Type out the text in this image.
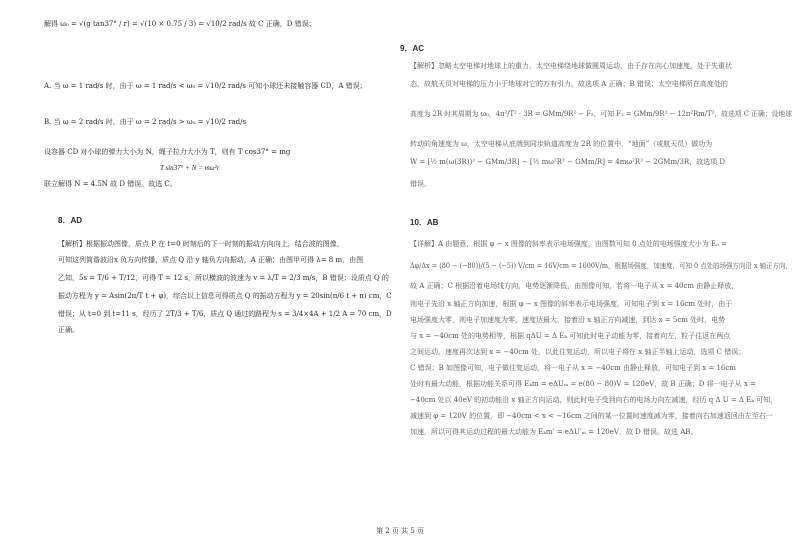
解得 ω₀ = √(g tan37° / r) = √(10 × 0.75 / 3) = √10/2 rad/s 故 C 正确，D 错误；
A. 当 ω = 1 rad/s 时，由于 ω = 1 rad/s < ω₀ = √10/2 rad/s 可知小球还未接触容器 CD，A 错误；
B. 当 ω = 2 rad/s 时，由于 ω = 2 rad/s > ω₀ = √10/2 rad/s
设容器 CD 对小球的弹力大小为 N，绳子拉力大小为 T，则有 T cos37° = mg
T sin37° + N = mω²r
联立解得 N = 4.5N 故 D 错误。故选 C。
8．AD
【解析】根据振动图像，质点 P 在 t=0 时刻后的下一时刻的振动方向向上，结合波的图像，
可知这列简谐波沿x 负方向传播，质点 Q 沿 y 轴负方向振动，A 正确；由图甲可得 λ= 8 m，由图
乙知，5s = T/6 + T/12，可得 T = 12 s，所以横波的波速为 v = λ/T = 2/3 m/s，B 错误；设质点 Q 的
振动方程为 y = Asin(2π/T t + φ)，综合以上信息可得质点 Q 的振动方程为 y = 20sin(π/6 t + π) cm，C
错误；从 t=0 到 t=11 s，经历了 2T/3 + T/6，质点 Q 通过的路程为 s = 3/4×4A + 1/2 A = 70 cm，D
正确。
9．AC
【解析】忽略太空电梯对地球上的重力，太空电梯绕地球做圆周运动，由于存在向心加速度，处于失重状
态，故航天员对电梯的压力小于地球对它的万有引力，故选项 A 正确；B 错误；太空电梯所在高度处的
高度为 2R 时其周期为 ω₀，4π²/T² · 3R = GMm/9R² − F₂，可知 F₂ = GMm/9R² − 12π²Rm/T²，故选项 C 正确；设地球
转动的角速度为 ω，太空电梯从底端到同步轨道高度为 2R 的位置中，“地面”（或航天员）做功为
W = [½ m(ω(3R))² − GMm/3R] − [½ mω²R² − GMm/R] = 4mω²R² − 2GMm/3R，故选项 D
错误。
10．AB
【详解】A 由题意，根据 φ − x 图像的斜率表示电场强度，由图数可知 0 点处的电场强度大小为 E₀ =
Δφ/Δx = (80 − (−80))/(5 − (−5)) V/cm = 16V/cm = 1600V/m，根据场强度，加速度，可知 0 点处的场强方向沿 x 轴正方向，
故 A 正确；C 根据沿着电场线方向，电势逐渐降低，由图像可知，若将一电子从 x = 40cm 由静止释放，
则电子先沿 x 轴正方向加速，根据 φ − x 图像的斜率表示电场强度，可知电子到 x = 16cm 处时，由于
电场强度大零，则电子加速度为零，速度达最大，接着沿 x 轴正方向减速，到达 x = 5cm 处时，电势
与 x = −40cm 处的电势相等，根据 qΔU = Δ Eₖ 可知此时电子动能为零，接着向左，粒子往返在两点
之间运动，速度再次达到 x = −40cm 处，以此往复运动，所以电子将在 x 轴正半轴上运动，选项 C 错误；
C 错误；B 如图像可知，电子做往复运动，将一电子从 x = −40cm 由静止释放，可知电子到 x = 16cm
处时有最大动能，根据功能关系可得 Eₖm = eΔUₘ = e(80 − 80)V = 120eV，故 B 正确；D 将一电子从 x =
−40cm 处以 40eV 的初动能沿 x 轴正方向运动，则此时电子受到向右的电场力向左减速，经历 q Δ U = Δ Eₖ 可知，
减速到 φ = 120V 的位置，即 −40cm < x < −16cm 之间的某一位置时速度减为零，接着向右加速返回由左至右一
加速，所以可得其运动过程的最大动能为 Eₖm' = eΔU'ₘ = 120eV，故 D 错误。故选 AB。
第 2 页 共 5 页
